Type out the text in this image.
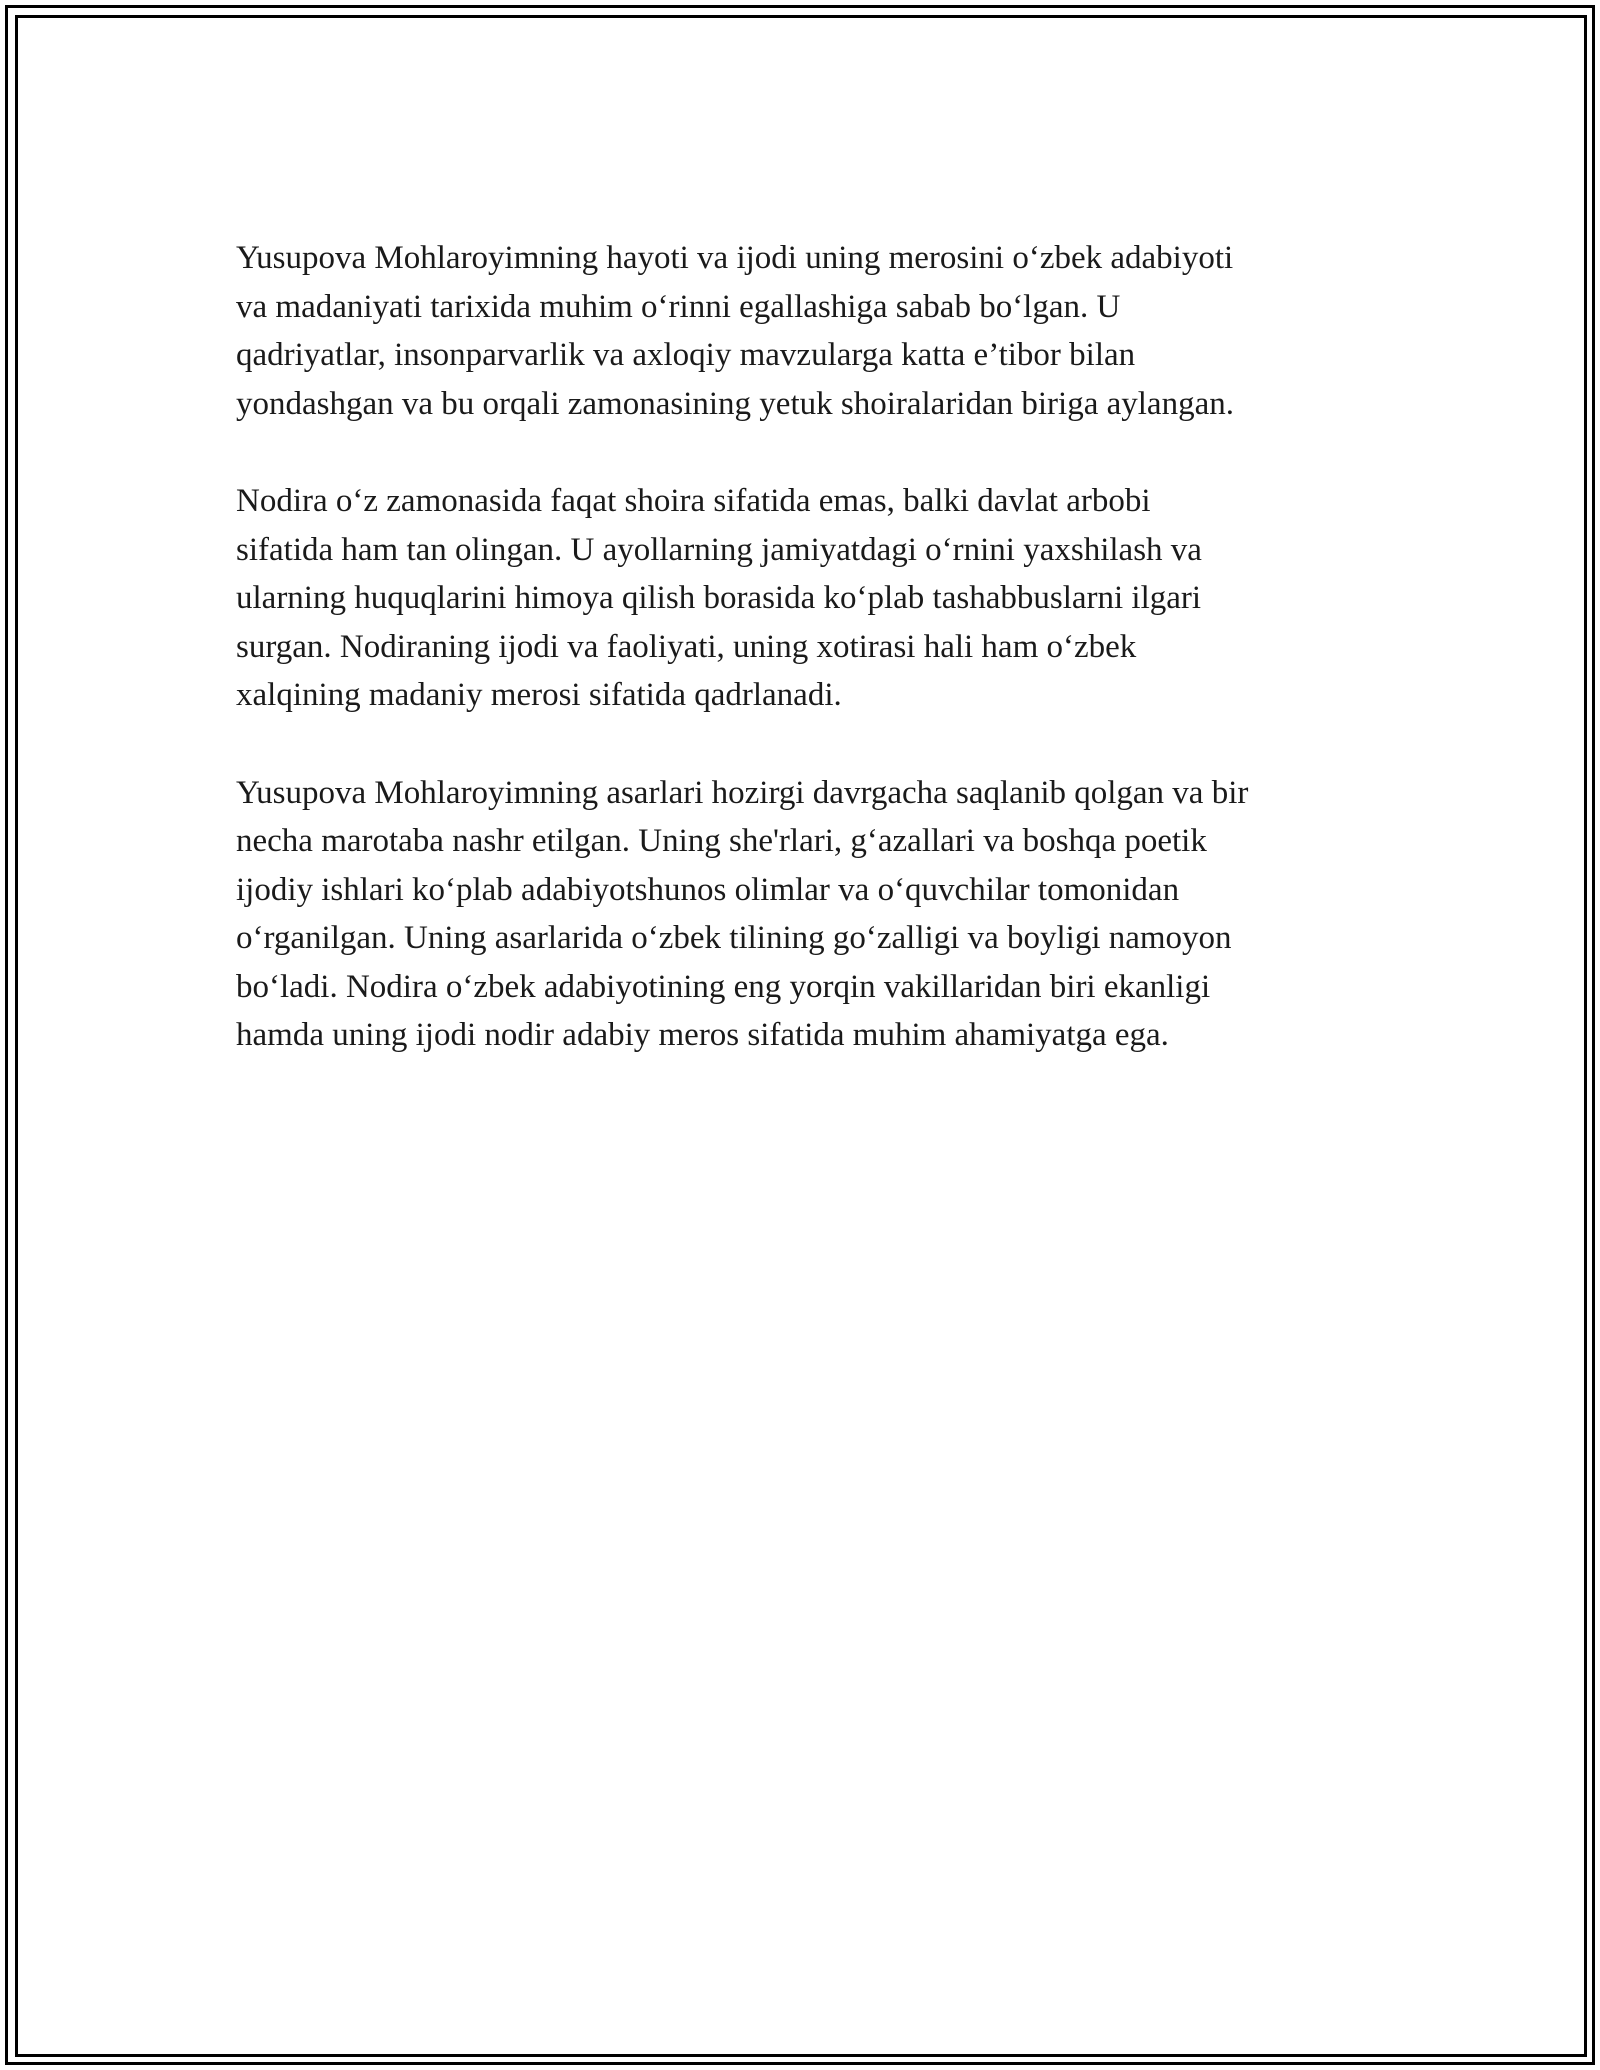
Yusupova Mohlaroyimning hayoti va ijodi uning merosini o‘zbek adabiyoti
va madaniyati tarixida muhim o‘rinni egallashiga sabab bo‘lgan. U
qadriyatlar, insonparvarlik va axloqiy mavzularga katta e’tibor bilan
yondashgan va bu orqali zamonasining yetuk shoiralaridan biriga aylangan.

Nodira o‘z zamonasida faqat shoira sifatida emas, balki davlat arbobi
sifatida ham tan olingan. U ayollarning jamiyatdagi o‘rnini yaxshilash va
ularning huquqlarini himoya qilish borasida ko‘plab tashabbuslarni ilgari
surgan. Nodiraning ijodi va faoliyati, uning xotirasi hali ham o‘zbek
xalqining madaniy merosi sifatida qadrlanadi.

Yusupova Mohlaroyimning asarlari hozirgi davrgacha saqlanib qolgan va bir
necha marotaba nashr etilgan. Uning she'rlari, g‘azallari va boshqa poetik
ijodiy ishlari ko‘plab adabiyotshunos olimlar va o‘quvchilar tomonidan
o‘rganilgan. Uning asarlarida o‘zbek tilining go‘zalligi va boyligi namoyon
bo‘ladi. Nodira o‘zbek adabiyotining eng yorqin vakillaridan biri ekanligi
hamda uning ijodi nodir adabiy meros sifatida muhim ahamiyatga ega.
